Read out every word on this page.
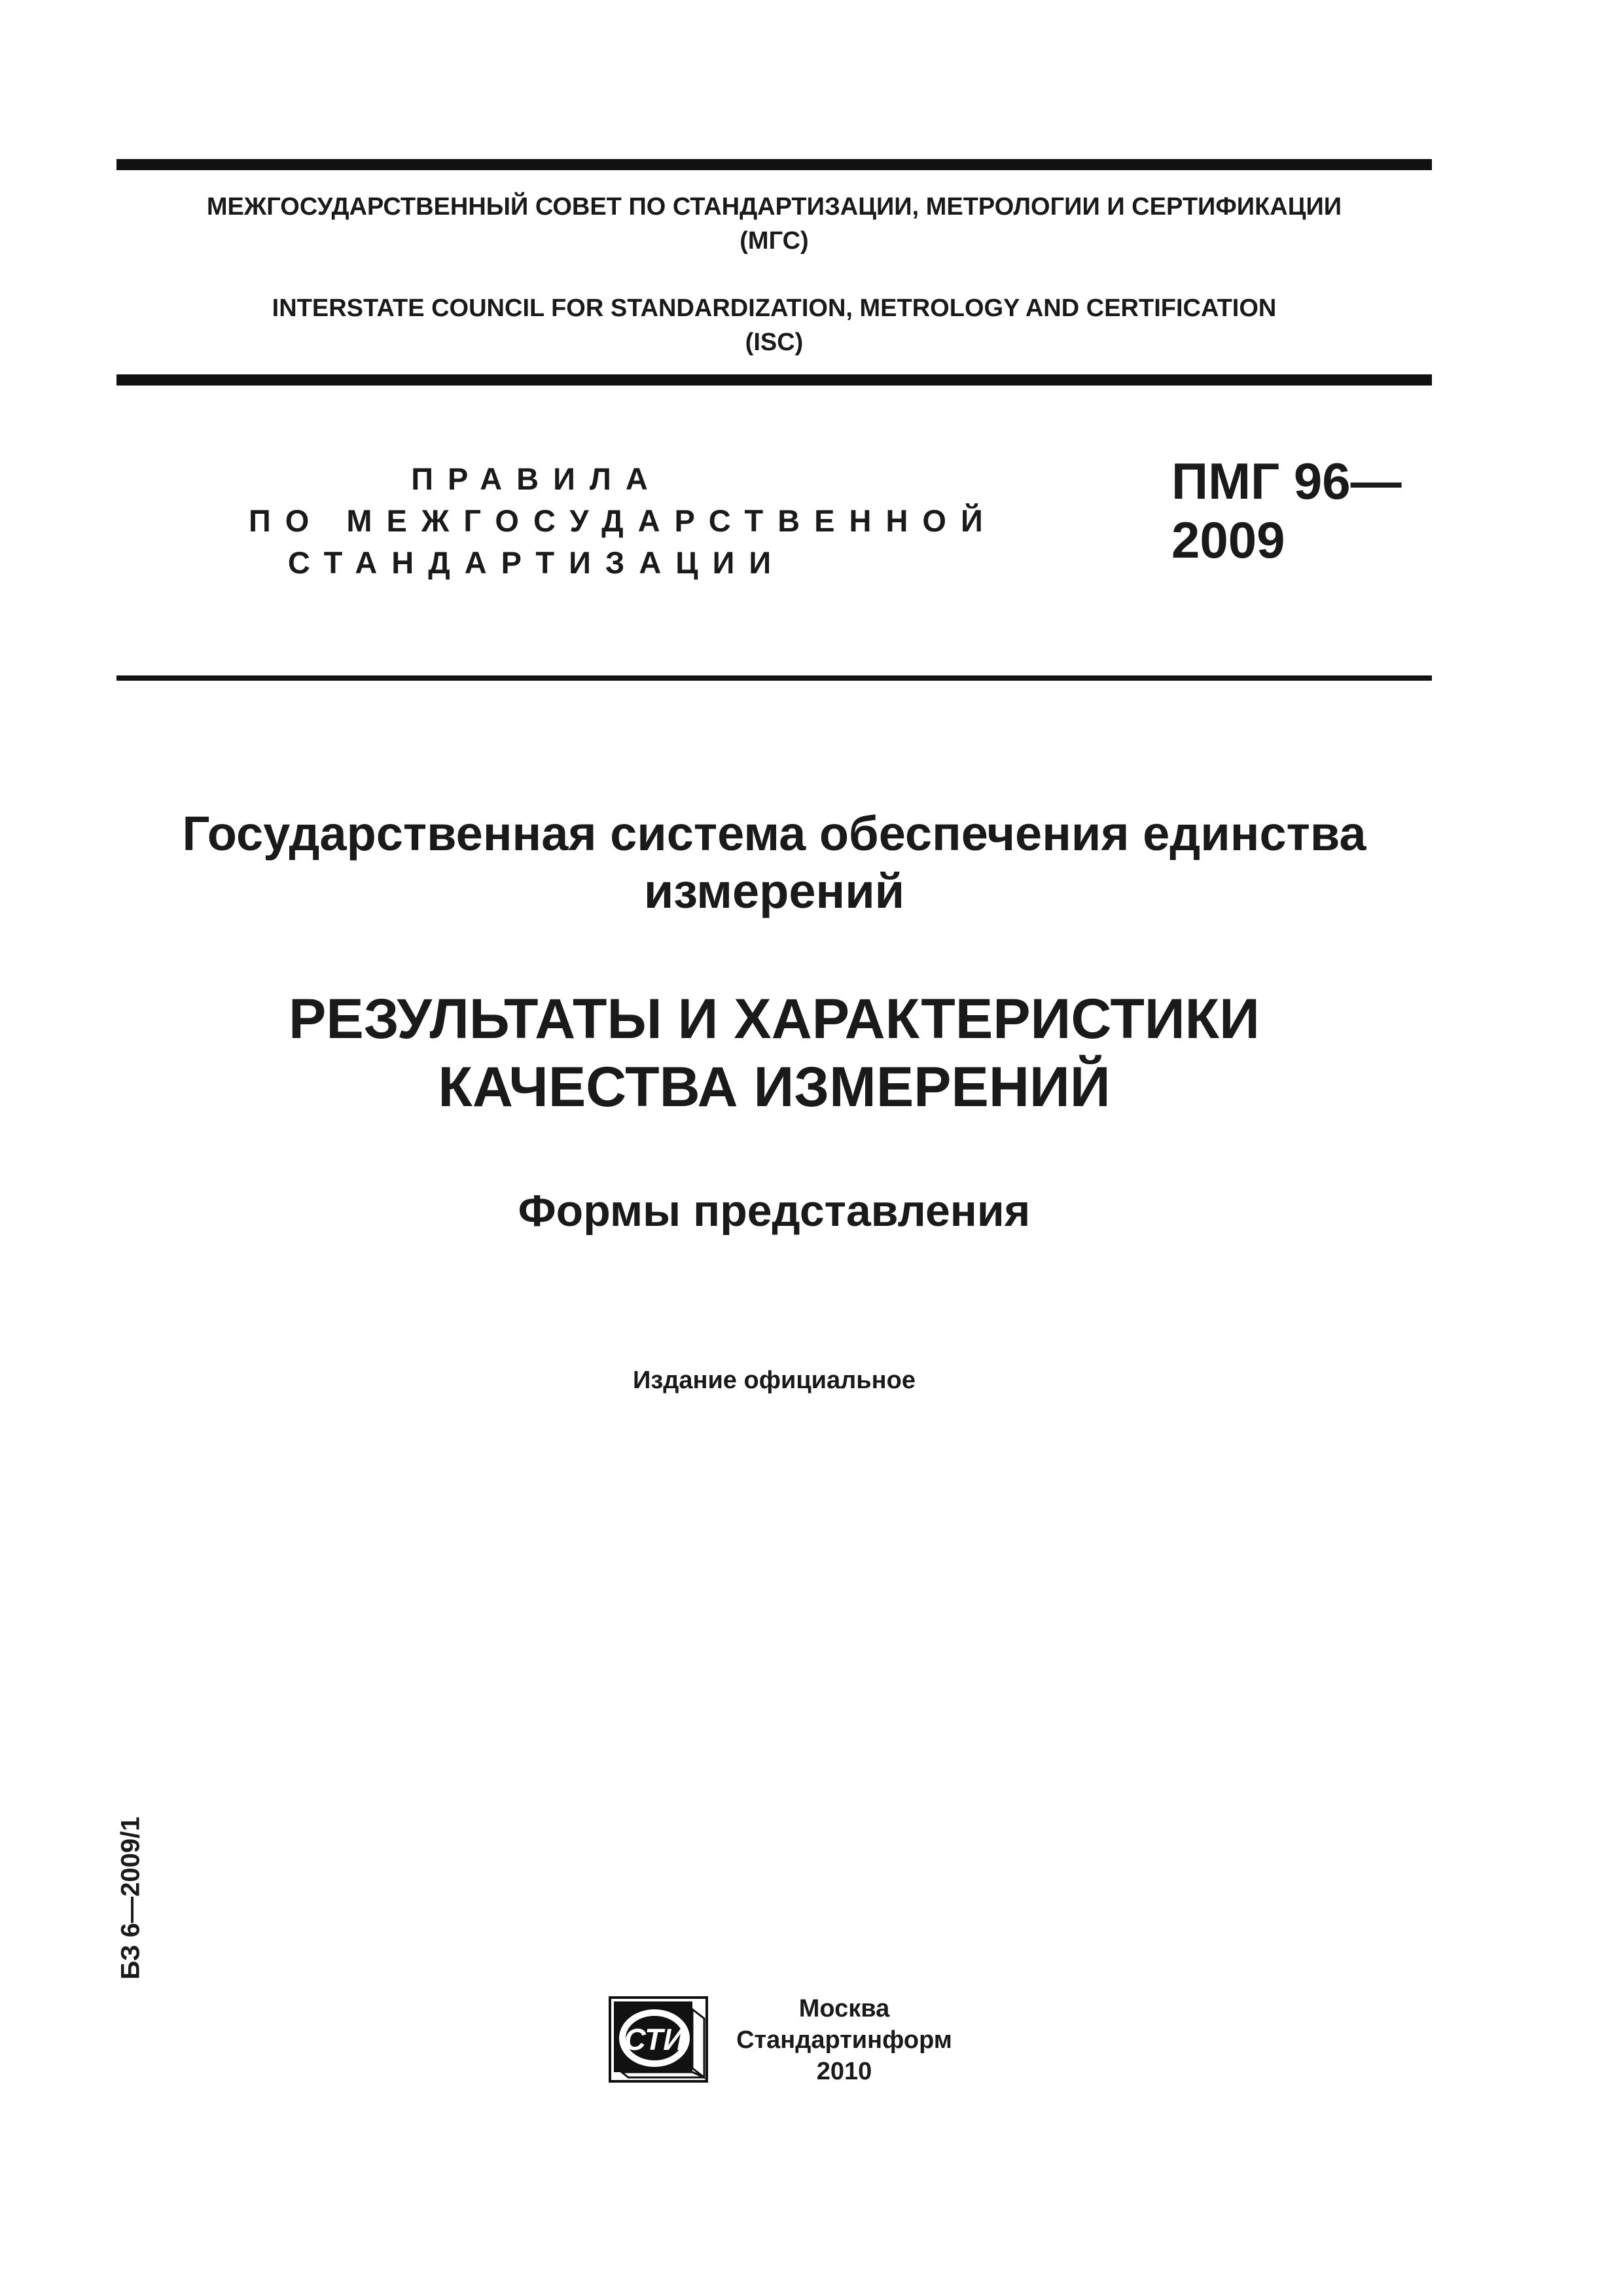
МЕЖГОСУДАРСТВЕННЫЙ СОВЕТ ПО СТАНДАРТИЗАЦИИ, МЕТРОЛОГИИ И СЕРТИФИКАЦИИ
(МГС)
INTERSTATE COUNCIL FOR STANDARDIZATION, METROLOGY AND CERTIFICATION
(ISC)
ПРАВИЛА
ПО МЕЖГОСУДАРСТВЕННОЙ
СТАНДАРТИЗАЦИИ
ПМГ 96—
2009
Государственная система обеспечения единства
измерений
РЕЗУЛЬТАТЫ И ХАРАКТЕРИСТИКИ
КАЧЕСТВА ИЗМЕРЕНИЙ
Формы представления
Издание официальное
БЗ 6—2009/1
СТИ
Москва
Стандартинформ
2010
